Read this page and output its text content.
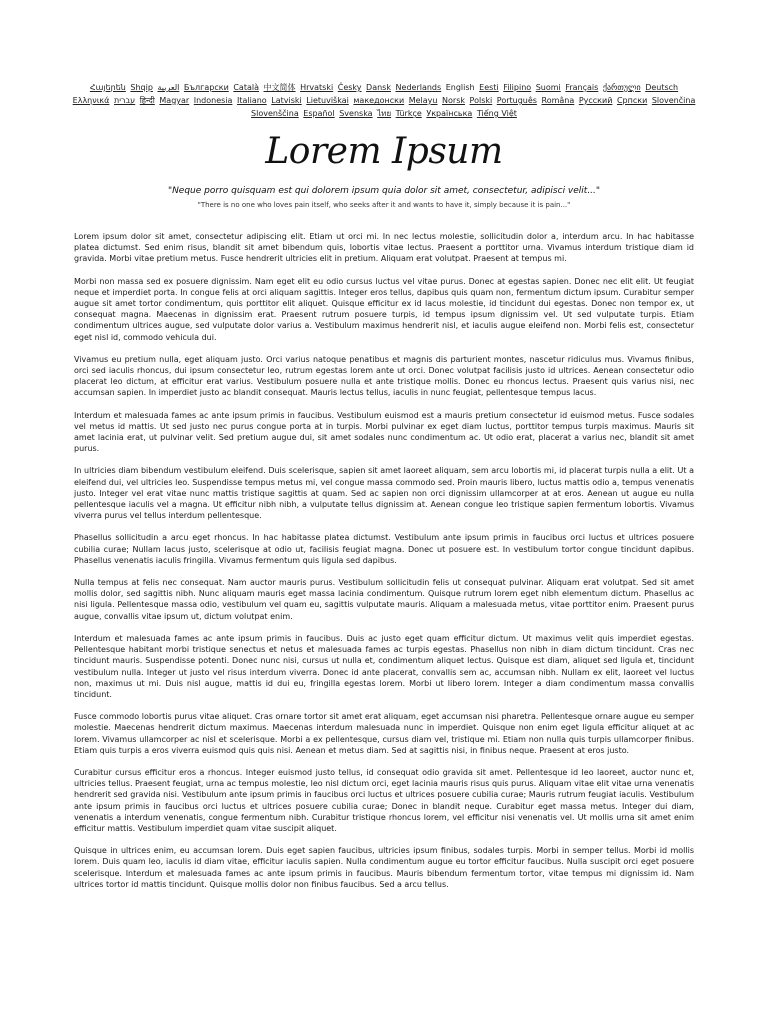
Հայերեն Shqip العربية Български Català 中文简体 Hrvatski Česky Dansk Nederlands English Eesti Filipino Suomi Français ქართული Deutsch Ελληνικά עברית हिन्दी Magyar Indonesia Italiano Latviski Lietuviškai македонски Melayu Norsk Polski Português Româna Pyccкий Српски Slovenčina Slovenščina Español Svenska ไทย Türkçe Українська Tiếng Việt
Lorem Ipsum
"Neque porro quisquam est qui dolorem ipsum quia dolor sit amet, consectetur, adipisci velit..."
"There is no one who loves pain itself, who seeks after it and wants to have it, simply because it is pain..."

Lorem ipsum dolor sit amet, consectetur adipiscing elit. Etiam ut orci mi. In nec lectus molestie, sollicitudin dolor a, interdum arcu. In hac habitasse platea dictumst. Sed enim risus, blandit sit amet bibendum quis, lobortis vitae lectus. Praesent a porttitor urna. Vivamus interdum tristique diam id gravida. Morbi vitae pretium metus. Fusce hendrerit ultricies elit in pretium. Aliquam erat volutpat. Praesent at tempus mi.

Morbi non massa sed ex posuere dignissim. Nam eget elit eu odio cursus luctus vel vitae purus. Donec at egestas sapien. Donec nec elit elit. Ut feugiat neque et imperdiet porta. In congue felis at orci aliquam sagittis. Integer eros tellus, dapibus quis quam non, fermentum dictum ipsum. Curabitur semper augue sit amet tortor condimentum, quis porttitor elit aliquet. Quisque efficitur ex id lacus molestie, id tincidunt dui egestas. Donec non tempor ex, ut consequat magna. Maecenas in dignissim erat. Praesent rutrum posuere turpis, id tempus ipsum dignissim vel. Ut sed vulputate turpis. Etiam condimentum ultrices augue, sed vulputate dolor varius a. Vestibulum maximus hendrerit nisl, et iaculis augue eleifend non. Morbi felis est, consectetur eget nisl id, commodo vehicula dui.

Vivamus eu pretium nulla, eget aliquam justo. Orci varius natoque penatibus et magnis dis parturient montes, nascetur ridiculus mus. Vivamus finibus, orci sed iaculis rhoncus, dui ipsum consectetur leo, rutrum egestas lorem ante ut orci. Donec volutpat facilisis justo id ultrices. Aenean consectetur odio placerat leo dictum, at efficitur erat varius. Vestibulum posuere nulla et ante tristique mollis. Donec eu rhoncus lectus. Praesent quis varius nisi, nec accumsan sapien. In imperdiet justo ac blandit consequat. Mauris lectus tellus, iaculis in nunc feugiat, pellentesque tempus lacus.

Interdum et malesuada fames ac ante ipsum primis in faucibus. Vestibulum euismod est a mauris pretium consectetur id euismod metus. Fusce sodales vel metus id mattis. Ut sed justo nec purus congue porta at in turpis. Morbi pulvinar ex eget diam luctus, porttitor tempus turpis maximus. Mauris sit amet lacinia erat, ut pulvinar velit. Sed pretium augue dui, sit amet sodales nunc condimentum ac. Ut odio erat, placerat a varius nec, blandit sit amet purus.

In ultricies diam bibendum vestibulum eleifend. Duis scelerisque, sapien sit amet laoreet aliquam, sem arcu lobortis mi, id placerat turpis nulla a elit. Ut a eleifend dui, vel ultricies leo. Suspendisse tempus metus mi, vel congue massa commodo sed. Proin mauris libero, luctus mattis odio a, tempus venenatis justo. Integer vel erat vitae nunc mattis tristique sagittis at quam. Sed ac sapien non orci dignissim ullamcorper at at eros. Aenean ut augue eu nulla pellentesque iaculis vel a magna. Ut efficitur nibh nibh, a vulputate tellus dignissim at. Aenean congue leo tristique sapien fermentum lobortis. Vivamus viverra purus vel tellus interdum pellentesque.

Phasellus sollicitudin a arcu eget rhoncus. In hac habitasse platea dictumst. Vestibulum ante ipsum primis in faucibus orci luctus et ultrices posuere cubilia curae; Nullam lacus justo, scelerisque at odio ut, facilisis feugiat magna. Donec ut posuere est. In vestibulum tortor congue tincidunt dapibus. Phasellus venenatis iaculis fringilla. Vivamus fermentum quis ligula sed dapibus.

Nulla tempus at felis nec consequat. Nam auctor mauris purus. Vestibulum sollicitudin felis ut consequat pulvinar. Aliquam erat volutpat. Sed sit amet mollis dolor, sed sagittis nibh. Nunc aliquam mauris eget massa lacinia condimentum. Quisque rutrum lorem eget nibh elementum dictum. Phasellus ac nisi ligula. Pellentesque massa odio, vestibulum vel quam eu, sagittis vulputate mauris. Aliquam a malesuada metus, vitae porttitor enim. Praesent purus augue, convallis vitae ipsum ut, dictum volutpat enim.

Interdum et malesuada fames ac ante ipsum primis in faucibus. Duis ac justo eget quam efficitur dictum. Ut maximus velit quis imperdiet egestas. Pellentesque habitant morbi tristique senectus et netus et malesuada fames ac turpis egestas. Phasellus non nibh in diam dictum tincidunt. Cras nec tincidunt mauris. Suspendisse potenti. Donec nunc nisi, cursus ut nulla et, condimentum aliquet lectus. Quisque est diam, aliquet sed ligula et, tincidunt vestibulum nulla. Integer ut justo vel risus interdum viverra. Donec id ante placerat, convallis sem ac, accumsan nibh. Nullam ex elit, laoreet vel luctus non, maximus ut mi. Duis nisl augue, mattis id dui eu, fringilla egestas lorem. Morbi ut libero lorem. Integer a diam condimentum massa convallis tincidunt.

Fusce commodo lobortis purus vitae aliquet. Cras ornare tortor sit amet erat aliquam, eget accumsan nisi pharetra. Pellentesque ornare augue eu semper molestie. Maecenas hendrerit dictum maximus. Maecenas interdum malesuada nunc in imperdiet. Quisque non enim eget ligula efficitur aliquet at ac lorem. Vivamus ullamcorper ac nisl et scelerisque. Morbi a ex pellentesque, cursus diam vel, tristique mi. Etiam non nulla quis turpis ullamcorper finibus. Etiam quis turpis a eros viverra euismod quis quis nisi. Aenean et metus diam. Sed at sagittis nisi, in finibus neque. Praesent at eros justo.

Curabitur cursus efficitur eros a rhoncus. Integer euismod justo tellus, id consequat odio gravida sit amet. Pellentesque id leo laoreet, auctor nunc et, ultricies tellus. Praesent feugiat, urna ac tempus molestie, leo nisl dictum orci, eget lacinia mauris risus quis purus. Aliquam vitae elit vitae urna venenatis hendrerit sed gravida nisi. Vestibulum ante ipsum primis in faucibus orci luctus et ultrices posuere cubilia curae; Mauris rutrum feugiat iaculis. Vestibulum ante ipsum primis in faucibus orci luctus et ultrices posuere cubilia curae; Donec in blandit neque. Curabitur eget massa metus. Integer dui diam, venenatis a interdum venenatis, congue fermentum nibh. Curabitur tristique rhoncus lorem, vel efficitur nisi venenatis vel. Ut mollis urna sit amet enim efficitur mattis. Vestibulum imperdiet quam vitae suscipit aliquet.

Quisque in ultrices enim, eu accumsan lorem. Duis eget sapien faucibus, ultricies ipsum finibus, sodales turpis. Morbi in semper tellus. Morbi id mollis lorem. Duis quam leo, iaculis id diam vitae, efficitur iaculis sapien. Nulla condimentum augue eu tortor efficitur faucibus. Nulla suscipit orci eget posuere scelerisque. Interdum et malesuada fames ac ante ipsum primis in faucibus. Mauris bibendum fermentum tortor, vitae tempus mi dignissim id. Nam ultrices tortor id mattis tincidunt. Quisque mollis dolor non finibus faucibus. Sed a arcu tellus.
